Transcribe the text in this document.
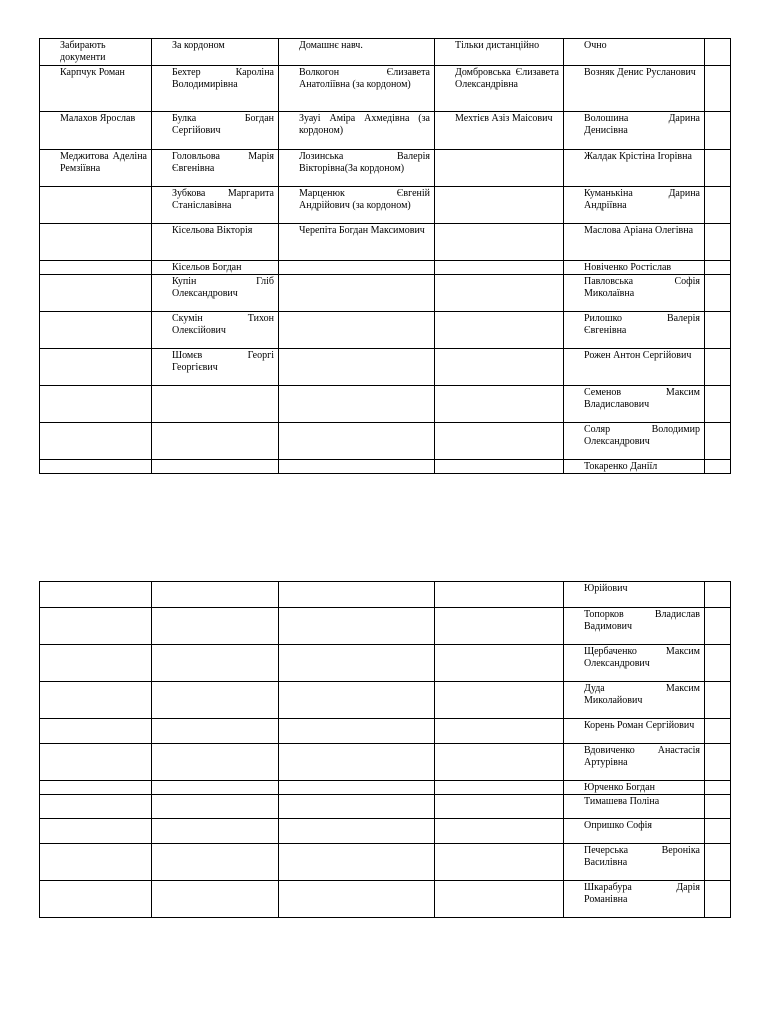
Забирають документи	За кордоном	Домашнє навч.	Тільки дистанційно	Очно	
Карпчук Роман	Бехтер Кароліна Володимирівна	Волкогон Єлизавета Анатоліївна (за кордоном)	Домбровська Єлизавета Олександрівна	Возняк Денис Русланович	
Малахов Ярослав	Булка Богдан Сергійович	Зуауі Аміра Ахмедівна (за кордоном)	Мехтієв Азіз Маісович	Волошина Дарина Денисівна	
Меджитова Аделіна Ремзіївна	Головльова Марія Євгенівна	Лозинська Валерія Вікторівна(За кордоном)		Жалдак Крістіна Ігорівна	
	Зубкова Маргарита Станіславівна	Марценюк Євгеній Андрійович (за кордоном)		Куманькіна Дарина Андріївна	
	Кісельова Вікторія	Черепіта Богдан Максимович		Маслова Аріана Олегівна	
	Кісельов Богдан			Новіченко Ростіслав	
	Купін Гліб Олександрович			Павловська Софія Миколаївна	
	Скумін Тихон Олексійович			Рилошко Валерія Євгенівна	
	Шомєв Георгі Георгієвич			Рожен Антон Сергійович	
				Семенов Максим Владиславович	
				Соляр Володимир Олександрович	
				Токаренко Даніїл	
				Юрійович	
				Топорков Владислав Вадимович	
				Щербаченко Максим Олександрович	
				Дуда Максим Миколайович	
				Корень Роман Сергійович	
				Вдовиченко Анастасія Артурівна	
				Юрченко Богдан	
				Тимашева Поліна	
				Опришко Софія	
				Печерська Вероніка Василівна	
				Шкарабура Дарія Романівна	
